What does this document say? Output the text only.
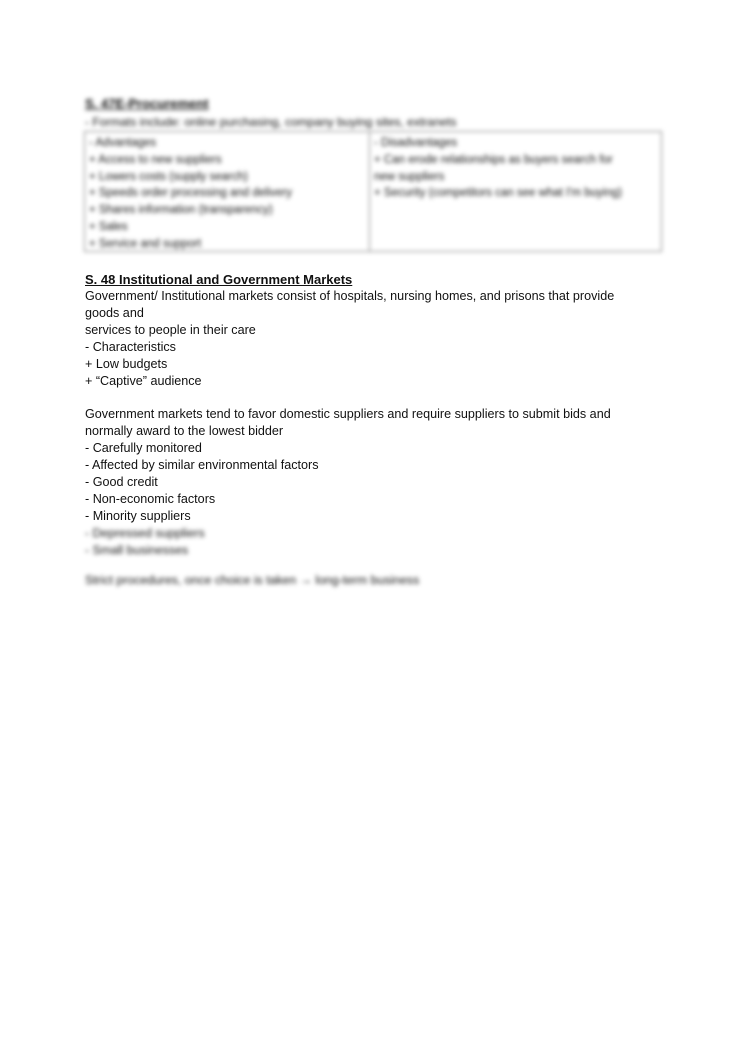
S. 47E-Procurement

- Formats include: online purchasing, company buying sites, extranets

- Advantages
+ Access to new suppliers
+ Lowers costs (supply search)
+ Speeds order processing and delivery
+ Shares information (transparency)
+ Sales
+ Service and support
- Disadvantages
+ Can erode relationships as buyers search for
new suppliers
+ Security (competitors can see what I'm buying)

S. 48 Institutional and Government Markets

Government/ Institutional markets consist of hospitals, nursing homes, and prisons that provide
goods and
services to people in their care
- Characteristics
+ Low budgets
+ “Captive” audience
Government markets tend to favor domestic suppliers and require suppliers to submit bids and
normally award to the lowest bidder
- Carefully monitored
- Affected by similar environmental factors
- Good credit
- Non-economic factors
- Minority suppliers
- Depressed suppliers
- Small businesses
Strict procedures, once choice is taken → long-term business
